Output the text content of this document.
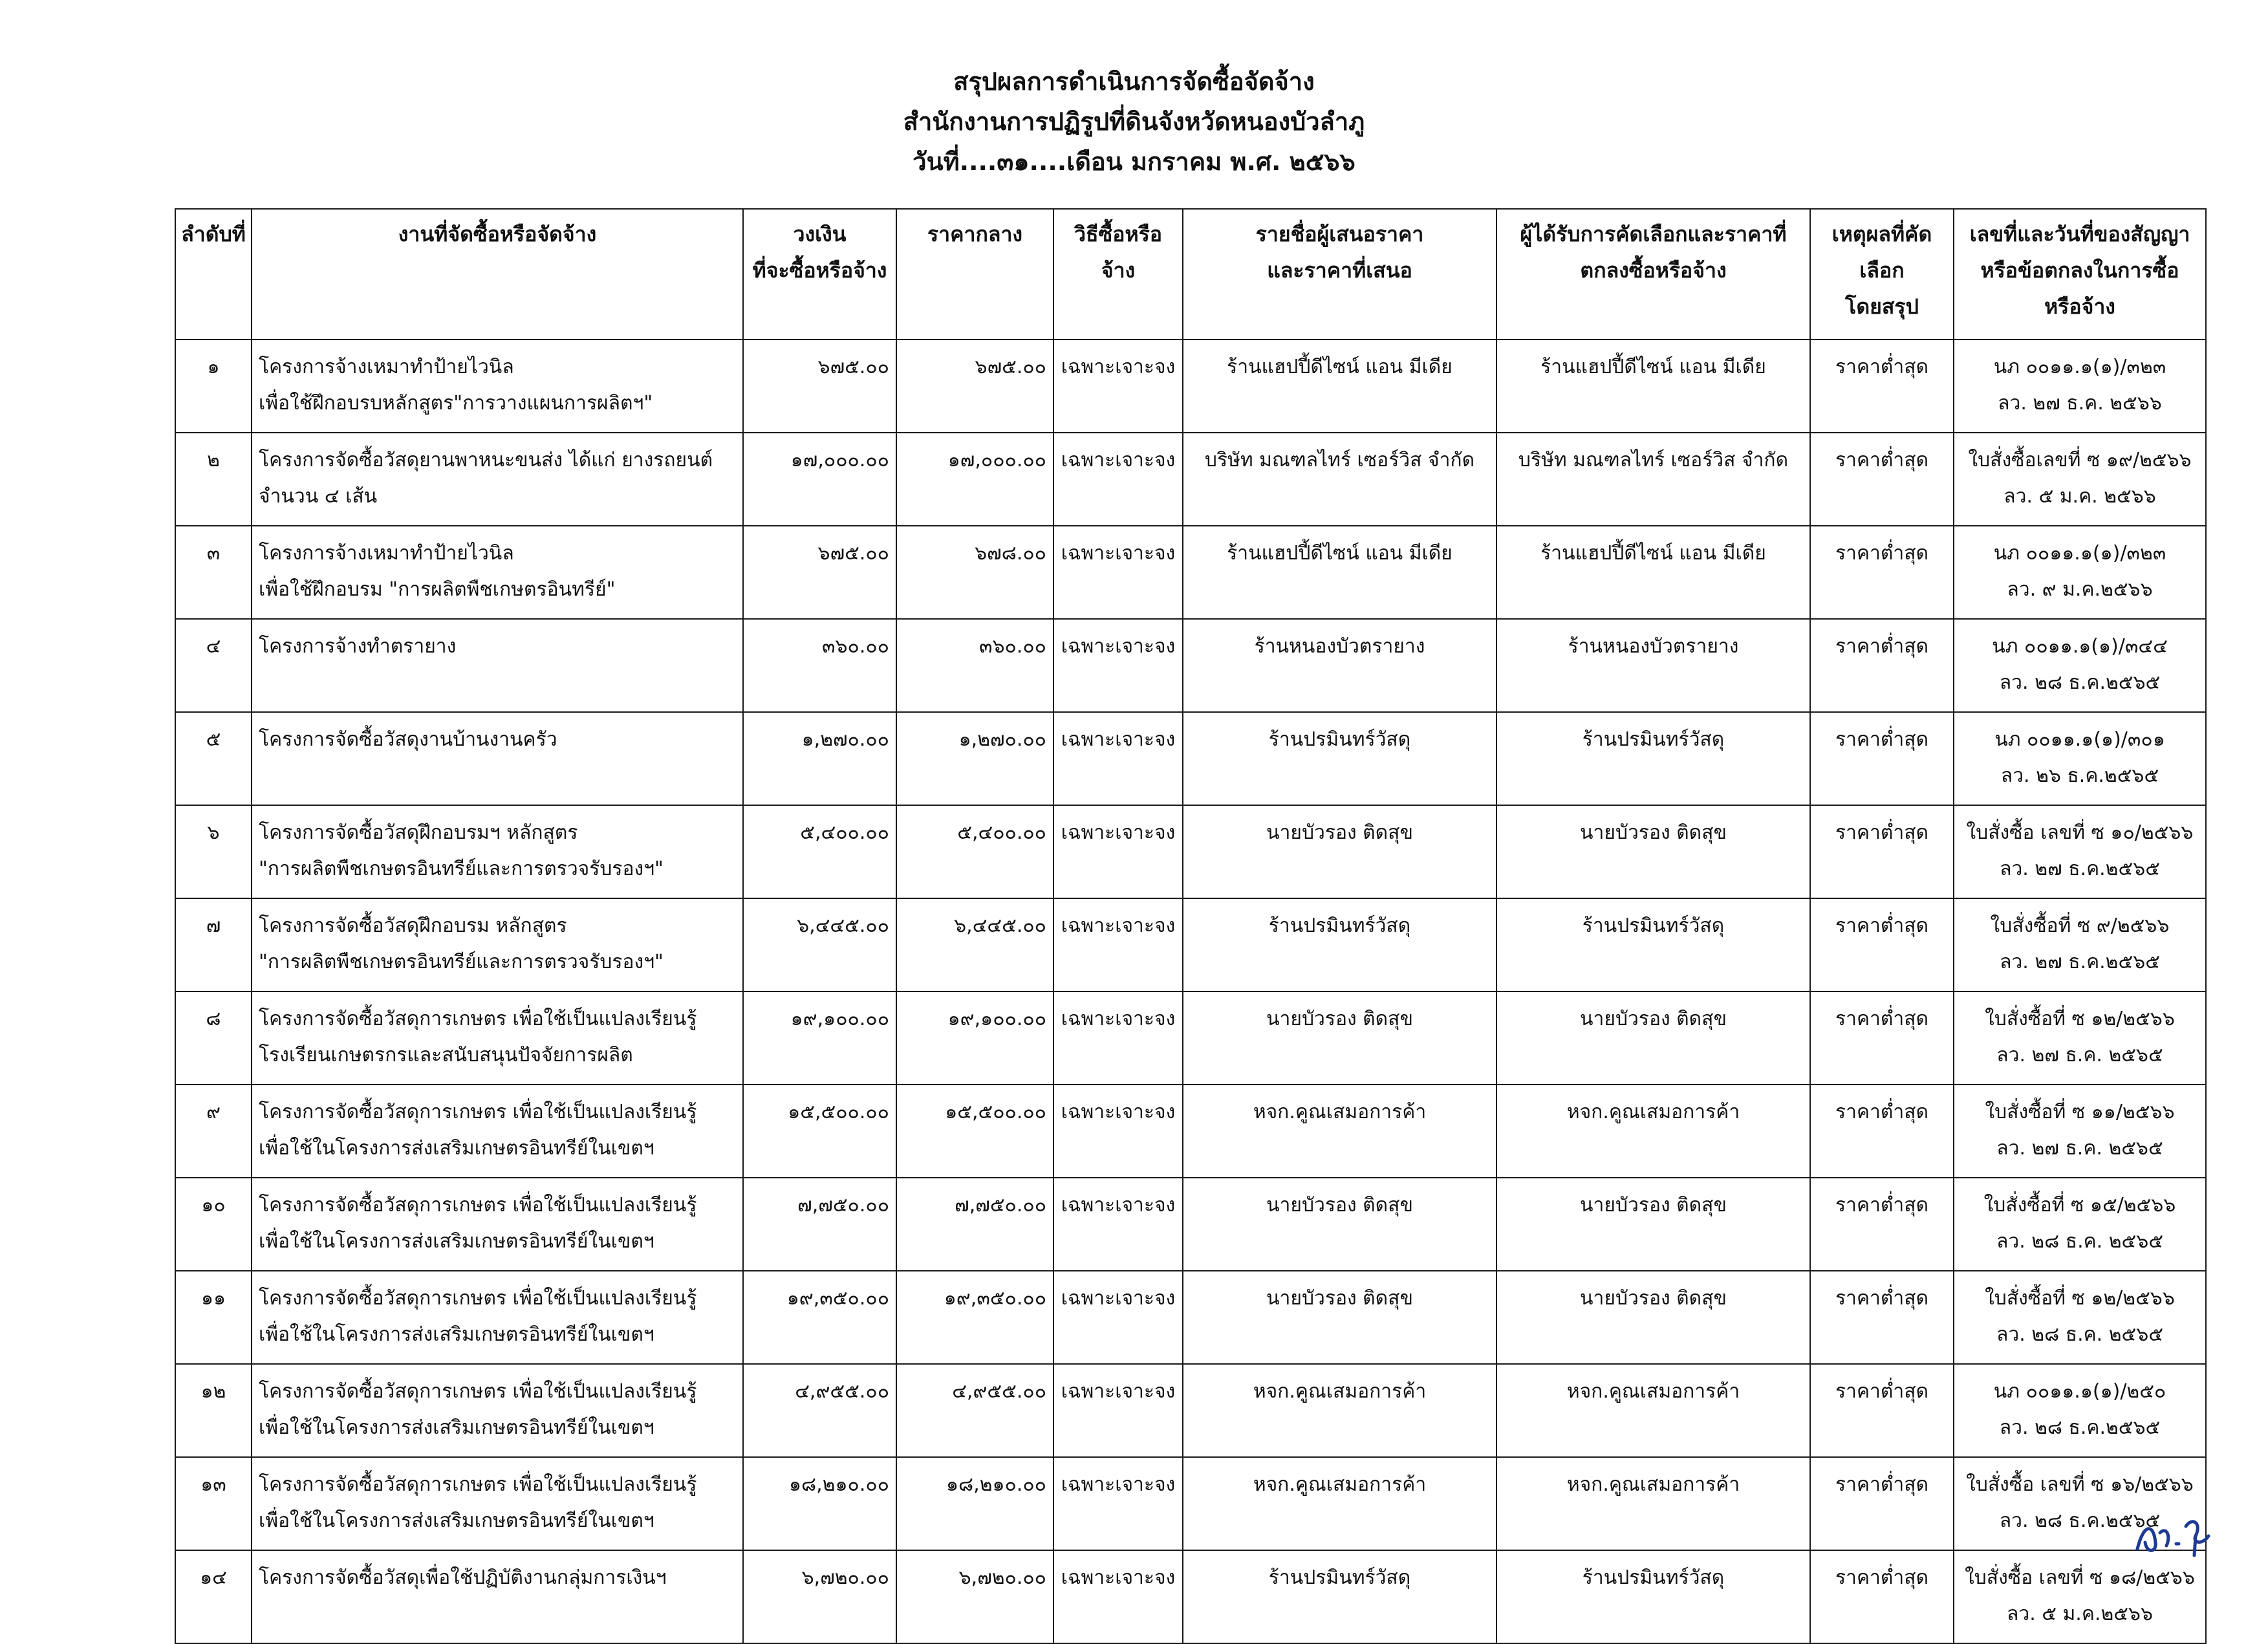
สรุปผลการดำเนินการจัดซื้อจัดจ้าง
สำนักงานการปฏิรูปที่ดินจังหวัดหนองบัวลำภู
วันที่....๓๑....เดือน มกราคม พ.ศ. ๒๕๖๖
ลำดับที่	งานที่จัดซื้อหรือจัดจ้าง	วงเงิน
ที่จะซื้อหรือจ้าง	ราคากลาง	วิธีซื้อหรือจ้าง	รายชื่อผู้เสนอราคา
และราคาที่เสนอ	ผู้ได้รับการคัดเลือกและราคาที่
ตกลงซื้อหรือจ้าง	เหตุผลที่คัดเลือก
โดยสรุป	เลขที่และวันที่ของสัญญา
หรือข้อตกลงในการซื้อ
หรือจ้าง

๑	โครงการจ้างเหมาทำป้ายไวนิล
เพื่อใช้ฝึกอบรบหลักสูตร"การวางแผนการผลิตฯ"	๖๗๕.๐๐	๖๗๕.๐๐	เฉพาะเจาะจง	ร้านแฮปปี้ดีไซน์ แอน มีเดีย	ร้านแฮปปี้ดีไซน์ แอน มีเดีย	ราคาต่ำสุด	นภ ๐๐๑๑.๑(๑)/๓๒๓
ลว. ๒๗ ธ.ค. ๒๕๖๖

๒	โครงการจัดซื้อวัสดุยานพาหนะขนส่ง ได้แก่ ยางรถยนต์
จำนวน ๔ เส้น	๑๗,๐๐๐.๐๐	๑๗,๐๐๐.๐๐	เฉพาะเจาะจง	บริษัท มณฑลไทร์ เซอร์วิส จำกัด	บริษัท มณฑลไทร์ เซอร์วิส จำกัด	ราคาต่ำสุด	ใบสั่งซื้อเลขที่ ซ ๑๙/๒๕๖๖
ลว. ๕ ม.ค. ๒๕๖๖

๓	โครงการจ้างเหมาทำป้ายไวนิล
เพื่อใช้ฝึกอบรม "การผลิตพืชเกษตรอินทรีย์"	๖๗๕.๐๐	๖๗๘.๐๐	เฉพาะเจาะจง	ร้านแฮปปี้ดีไซน์ แอน มีเดีย	ร้านแฮปปี้ดีไซน์ แอน มีเดีย	ราคาต่ำสุด	นภ ๐๐๑๑.๑(๑)/๓๒๓
ลว. ๙ ม.ค.๒๕๖๖

๔	โครงการจ้างทำตรายาง	๓๖๐.๐๐	๓๖๐.๐๐	เฉพาะเจาะจง	ร้านหนองบัวตรายาง	ร้านหนองบัวตรายาง	ราคาต่ำสุด	นภ ๐๐๑๑.๑(๑)/๓๔๔
ลว. ๒๘ ธ.ค.๒๕๖๕

๕	โครงการจัดซื้อวัสดุงานบ้านงานครัว	๑,๒๗๐.๐๐	๑,๒๗๐.๐๐	เฉพาะเจาะจง	ร้านปรมินทร์วัสดุ	ร้านปรมินทร์วัสดุ	ราคาต่ำสุด	นภ ๐๐๑๑.๑(๑)/๓๐๑
ลว. ๒๖ ธ.ค.๒๕๖๕

๖	โครงการจัดซื้อวัสดุฝึกอบรมฯ หลักสูตร
"การผลิตพืชเกษตรอินทรีย์และการตรวจรับรองฯ"	๕,๔๐๐.๐๐	๕,๔๐๐.๐๐	เฉพาะเจาะจง	นายบัวรอง ติดสุข	นายบัวรอง ติดสุข	ราคาต่ำสุด	ใบสั่งซื้อ เลขที่ ซ ๑๐/๒๕๖๖
ลว. ๒๗ ธ.ค.๒๕๖๕

๗	โครงการจัดซื้อวัสดุฝึกอบรม หลักสูตร
"การผลิตพืชเกษตรอินทรีย์และการตรวจรับรองฯ"	๖,๔๔๕.๐๐	๖,๔๔๕.๐๐	เฉพาะเจาะจง	ร้านปรมินทร์วัสดุ	ร้านปรมินทร์วัสดุ	ราคาต่ำสุด	ใบสั่งซื้อที่ ซ ๙/๒๕๖๖
ลว. ๒๗ ธ.ค.๒๕๖๕

๘	โครงการจัดซื้อวัสดุการเกษตร เพื่อใช้เป็นแปลงเรียนรู้
โรงเรียนเกษตรกรและสนับสนุนปัจจัยการผลิต	๑๙,๑๐๐.๐๐	๑๙,๑๐๐.๐๐	เฉพาะเจาะจง	นายบัวรอง ติดสุข	นายบัวรอง ติดสุข	ราคาต่ำสุด	ใบสั่งซื้อที่ ซ ๑๒/๒๕๖๖
ลว. ๒๗ ธ.ค. ๒๕๖๕

๙	โครงการจัดซื้อวัสดุการเกษตร เพื่อใช้เป็นแปลงเรียนรู้
เพื่อใช้ในโครงการส่งเสริมเกษตรอินทรีย์ในเขตฯ	๑๕,๕๐๐.๐๐	๑๕,๕๐๐.๐๐	เฉพาะเจาะจง	หจก.คูณเสมอการค้า	หจก.คูณเสมอการค้า	ราคาต่ำสุด	ใบสั่งซื้อที่ ซ ๑๑/๒๕๖๖
ลว. ๒๗ ธ.ค. ๒๕๖๕

๑๐	โครงการจัดซื้อวัสดุการเกษตร เพื่อใช้เป็นแปลงเรียนรู้
เพื่อใช้ในโครงการส่งเสริมเกษตรอินทรีย์ในเขตฯ	๗,๗๕๐.๐๐	๗,๗๕๐.๐๐	เฉพาะเจาะจง	นายบัวรอง ติดสุข	นายบัวรอง ติดสุข	ราคาต่ำสุด	ใบสั่งซื้อที่ ซ ๑๕/๒๕๖๖
ลว. ๒๘ ธ.ค. ๒๕๖๕

๑๑	โครงการจัดซื้อวัสดุการเกษตร เพื่อใช้เป็นแปลงเรียนรู้
เพื่อใช้ในโครงการส่งเสริมเกษตรอินทรีย์ในเขตฯ	๑๙,๓๕๐.๐๐	๑๙,๓๕๐.๐๐	เฉพาะเจาะจง	นายบัวรอง ติดสุข	นายบัวรอง ติดสุข	ราคาต่ำสุด	ใบสั่งซื้อที่ ซ ๑๒/๒๕๖๖
ลว. ๒๘ ธ.ค. ๒๕๖๕

๑๒	โครงการจัดซื้อวัสดุการเกษตร เพื่อใช้เป็นแปลงเรียนรู้
เพื่อใช้ในโครงการส่งเสริมเกษตรอินทรีย์ในเขตฯ	๔,๙๕๕.๐๐	๔,๙๕๕.๐๐	เฉพาะเจาะจง	หจก.คูณเสมอการค้า	หจก.คูณเสมอการค้า	ราคาต่ำสุด	นภ ๐๐๑๑.๑(๑)/๒๕๐
ลว. ๒๘ ธ.ค.๒๕๖๕

๑๓	โครงการจัดซื้อวัสดุการเกษตร เพื่อใช้เป็นแปลงเรียนรู้
เพื่อใช้ในโครงการส่งเสริมเกษตรอินทรีย์ในเขตฯ	๑๘,๒๑๐.๐๐	๑๘,๒๑๐.๐๐	เฉพาะเจาะจง	หจก.คูณเสมอการค้า	หจก.คูณเสมอการค้า	ราคาต่ำสุด	ใบสั่งซื้อ เลขที่ ซ ๑๖/๒๕๖๖
ลว. ๒๘ ธ.ค.๒๕๖๕

๑๔	โครงการจัดซื้อวัสดุเพื่อใช้ปฏิบัติงานกลุ่มการเงินฯ	๖,๗๒๐.๐๐	๖,๗๒๐.๐๐	เฉพาะเจาะจง	ร้านปรมินทร์วัสดุ	ร้านปรมินทร์วัสดุ	ราคาต่ำสุด	ใบสั่งซื้อ เลขที่ ซ ๑๘/๒๕๖๖
ลว. ๕ ม.ค.๒๕๖๖
